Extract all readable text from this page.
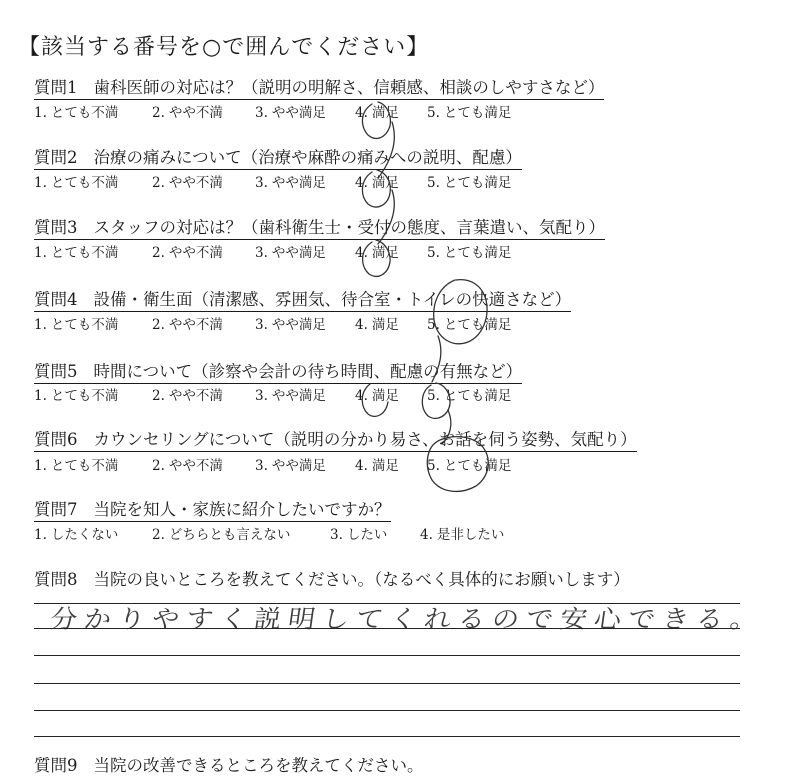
【該当する番号を○で囲んでください】
質問1 歯科医師の対応は？（説明の明解さ、信頼感、相談のしやすさなど）
1. とても不満 2. やや不満 3. やや満足 4. 満足 5. とても満足
質問2 治療の痛みについて（治療や麻酔の痛みへの説明、配慮）
1. とても不満 2. やや不満 3. やや満足 4. 満足 5. とても満足
質問3 スタッフの対応は？（歯科衛生士・受付の態度、言葉遣い、気配り）
1. とても不満 2. やや不満 3. やや満足 4. 満足 5. とても満足
質問4 設備・衛生面（清潔感、雰囲気、待合室・トイレの快適さなど）
1. とても不満 2. やや不満 3. やや満足 4. 満足 5. とても満足
質問5 時間について（診察や会計の待ち時間、配慮の有無など）
1. とても不満 2. やや不満 3. やや満足 4. 満足 5. とても満足
質問6 カウンセリングについて（説明の分かり易さ、お話を伺う姿勢、気配り）
1. とても不満 2. やや不満 3. やや満足 4. 満足 5. とても満足
質問7 当院を知人・家族に紹介したいですか？
1. したくない 2. どちらとも言えない	3. したい 4. 是非したい
質問8 当院の良いところを教えてください。（なるべく具体的にお願いします）
分かりやすく説明してくれるので安心できる。
質問9 当院の改善できるところを教えてください。
